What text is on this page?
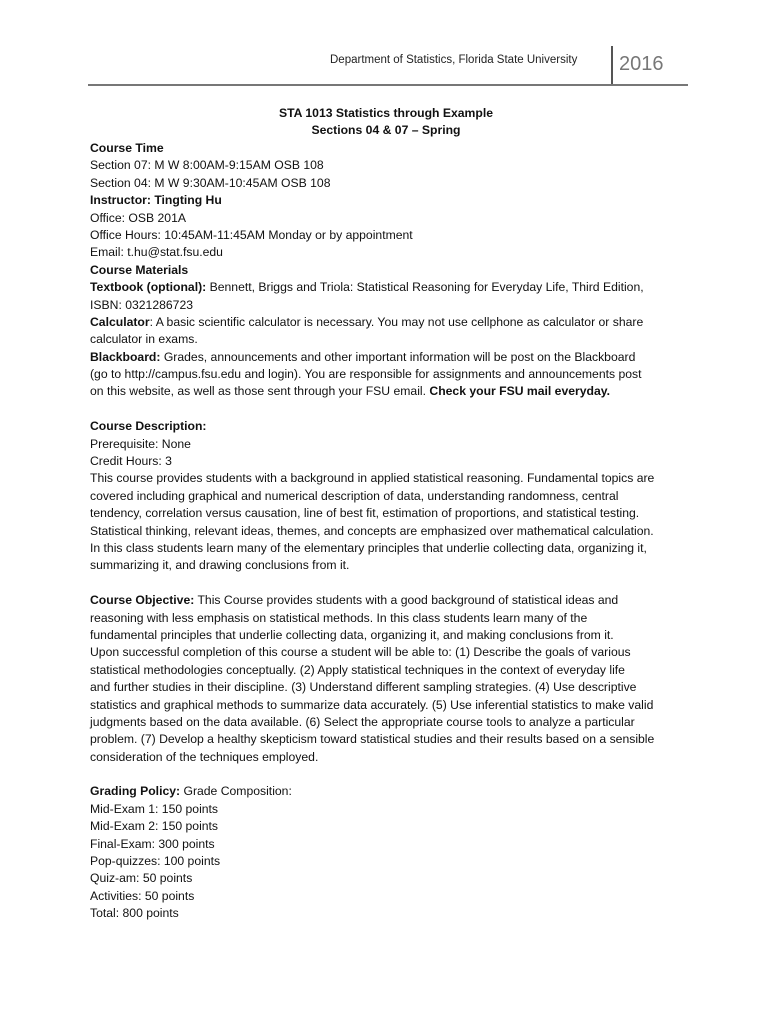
Department of Statistics, Florida State University 2016
STA 1013 Statistics through Example
Sections 04 & 07 – Spring
Course Time
Section 07: M W 8:00AM-9:15AM OSB 108
Section 04: M W 9:30AM-10:45AM OSB 108
Instructor: Tingting Hu
Office: OSB 201A
Office Hours: 10:45AM-11:45AM Monday or by appointment
Email: t.hu@stat.fsu.edu
Course Materials
Textbook (optional): Bennett, Briggs and Triola: Statistical Reasoning for Everyday Life, Third Edition,
ISBN: 0321286723
Calculator: A basic scientific calculator is necessary. You may not use cellphone as calculator or share
calculator in exams.
Blackboard: Grades, announcements and other important information will be post on the Blackboard
(go to http://campus.fsu.edu and login). You are responsible for assignments and announcements post
on this website, as well as those sent through your FSU email. Check your FSU mail everyday.
Course Description:
Prerequisite: None
Credit Hours: 3
This course provides students with a background in applied statistical reasoning. Fundamental topics are
covered including graphical and numerical description of data, understanding randomness, central
tendency, correlation versus causation, line of best fit, estimation of proportions, and statistical testing.
Statistical thinking, relevant ideas, themes, and concepts are emphasized over mathematical calculation.
In this class students learn many of the elementary principles that underlie collecting data, organizing it,
summarizing it, and drawing conclusions from it.
Course Objective: This Course provides students with a good background of statistical ideas and
reasoning with less emphasis on statistical methods. In this class students learn many of the
fundamental principles that underlie collecting data, organizing it, and making conclusions from it.
Upon successful completion of this course a student will be able to: (1) Describe the goals of various
statistical methodologies conceptually. (2) Apply statistical techniques in the context of everyday life
and further studies in their discipline. (3) Understand different sampling strategies. (4) Use descriptive
statistics and graphical methods to summarize data accurately. (5) Use inferential statistics to make valid
judgments based on the data available. (6) Select the appropriate course tools to analyze a particular
problem. (7) Develop a healthy skepticism toward statistical studies and their results based on a sensible
consideration of the techniques employed.
Grading Policy: Grade Composition:
Mid-Exam 1: 150 points
Mid-Exam 2: 150 points
Final-Exam: 300 points
Pop-quizzes: 100 points
Quiz-am: 50 points
Activities: 50 points
Total: 800 points
